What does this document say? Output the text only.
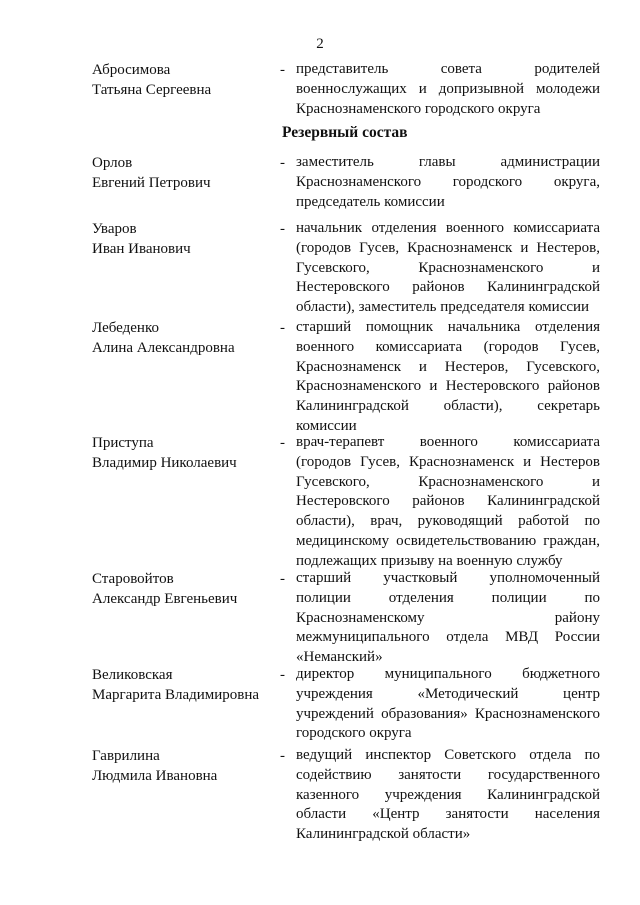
2
Абросимова
Татьяна Сергеевна
- представитель совета родителей
военнослужащих и допризывной молодежи
Краснознаменского городского округа
Резервный состав
Орлов
Евгений Петрович
- заместитель главы администрации
Краснознаменского городского округа,
председатель комиссии
Уваров
Иван Иванович
- начальник отделения военного комиссариата
(городов Гусев, Краснознаменск и Нестеров,
Гусевского, Краснознаменского и
Нестеровского районов Калининградской
области), заместитель председателя комиссии
Лебеденко
Алина Александровна
- старший помощник начальника отделения
военного комиссариата (городов Гусев,
Краснознаменск и Нестеров, Гусевского,
Краснознаменского и Нестеровского районов
Калининградской области), секретарь
комиссии
Приступа
Владимир Николаевич
- врач-терапевт военного комиссариата
(городов Гусев, Краснознаменск и Нестеров
Гусевского, Краснознаменского и
Нестеровского районов Калининградской
области), врач, руководящий работой по
медицинскому освидетельствованию граждан,
подлежащих призыву на военную службу
Старовойтов
Александр Евгеньевич
- старший участковый уполномоченный
полиции отделения полиции по
Краснознаменскому району
межмуниципального отдела МВД России
«Неманский»
Великовская
Маргарита Владимировна
- директор муниципального бюджетного
учреждения «Методический центр
учреждений образования» Краснознаменского
городского округа
Гаврилина
Людмила Ивановна
- ведущий инспектор Советского отдела по
содействию занятости государственного
казенного учреждения Калининградской
области «Центр занятости населения
Калининградской области»
